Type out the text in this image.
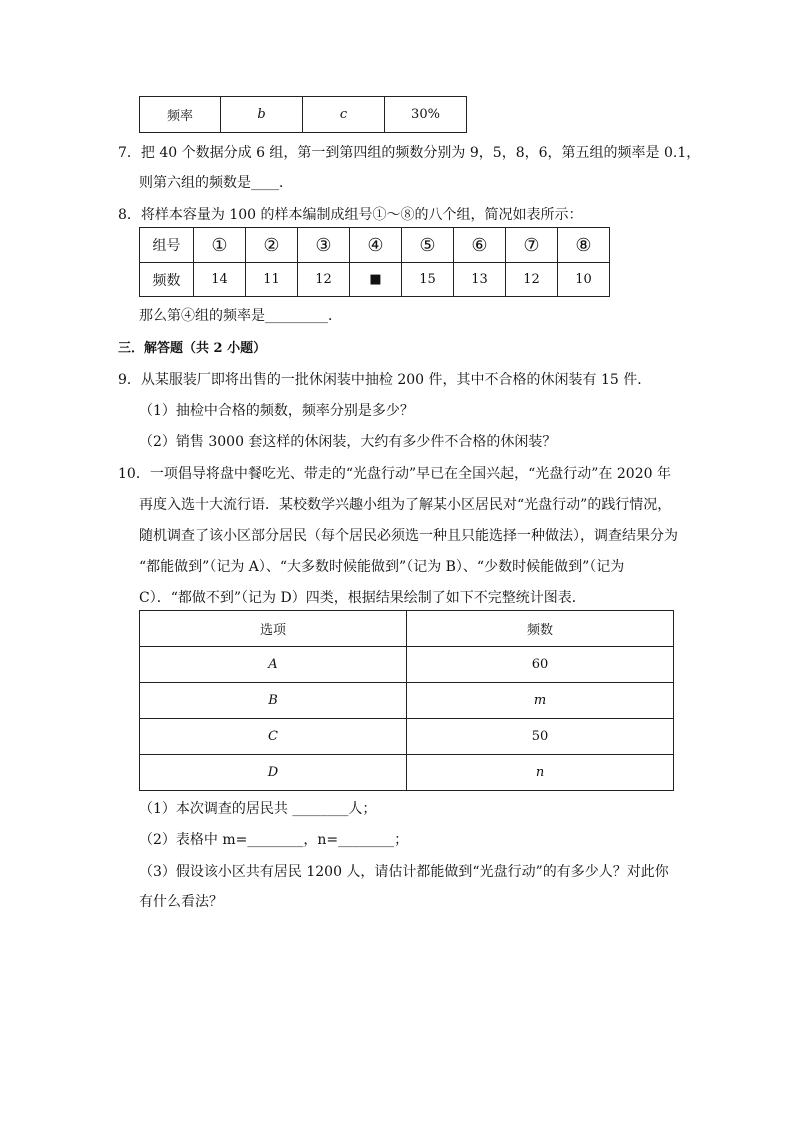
频率	b	c	30%
7．把 40 个数据分成 6 组，第一到第四组的频数分别为 9，5，8，6，第五组的频率是 0.1，
则第六组的频数是____．
8．将样本容量为 100 的样本编制成组号①～⑧的八个组，简况如表所示：
组号	①	②	③	④	⑤	⑥	⑦	⑧
频数	14	11	12	■	15	13	12	10
那么第④组的频率是_________．
三．解答题（共 2 小题）
9．从某服装厂即将出售的一批休闲装中抽检 200 件，其中不合格的休闲装有 15 件．
（1）抽检中合格的频数，频率分别是多少？
（2）销售 3000 套这样的休闲装，大约有多少件不合格的休闲装？
10．一项倡导将盘中餐吃光、带走的“光盘行动”早已在全国兴起，“光盘行动”在 2020 年
再度入选十大流行语．某校数学兴趣小组为了解某小区居民对“光盘行动”的践行情况，
随机调查了该小区部分居民（每个居民必须选一种且只能选择一种做法），调查结果分为
“都能做到”（记为 A）、“大多数时候能做到”（记为 B）、“少数时候能做到”（记为
C）．“都做不到”（记为 D）四类，根据结果绘制了如下不完整统计图表．
选项	频数
A	60
B	m
C	50
D	n
（1）本次调查的居民共 ________人；
（2）表格中 m=________，n=________；
（3）假设该小区共有居民 1200 人，请估计都能做到“光盘行动”的有多少人？对此你
有什么看法？
